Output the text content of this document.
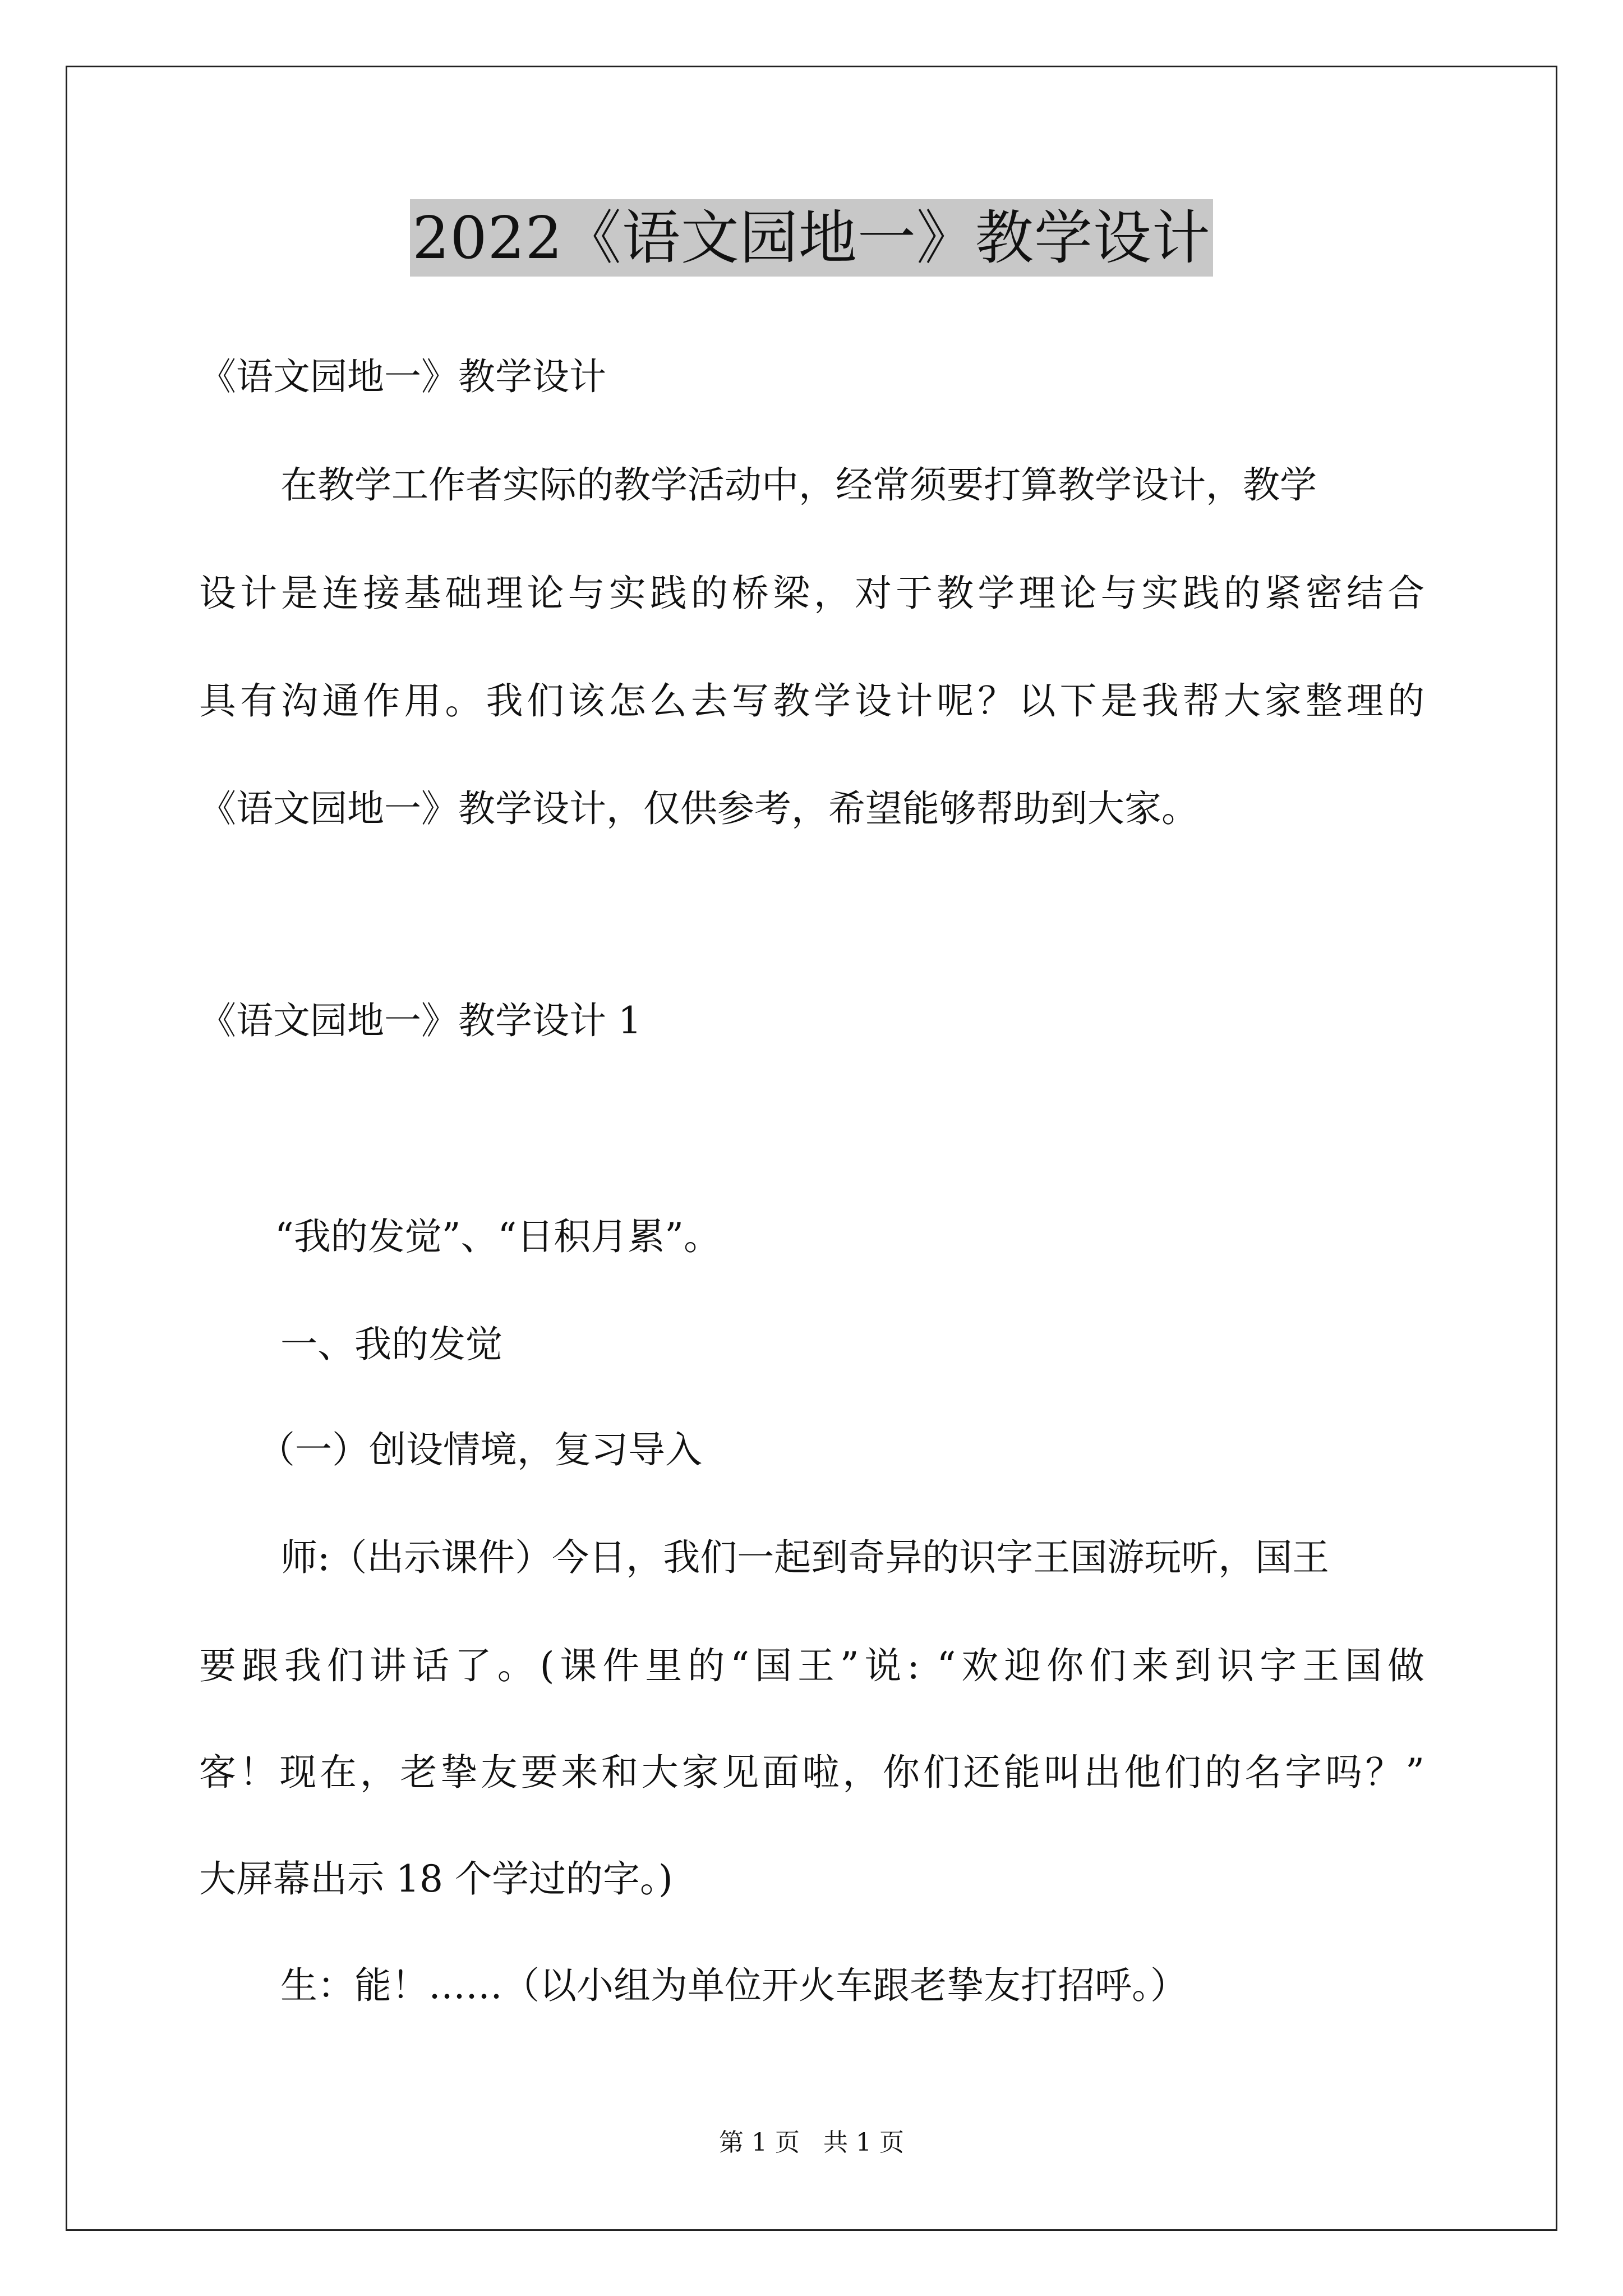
2022《语文园地一》教学设计
《语文园地一》教学设计
在教学工作者实际的教学活动中，经常须要打算教学设计，教学
设计是连接基础理论与实践的桥梁，对于教学理论与实践的紧密结合
具有沟通作用。我们该怎么去写教学设计呢？以下是我帮大家整理的
《语文园地一》教学设计，仅供参考，希望能够帮助到大家。
《语文园地一》教学设计 1
“我的发觉”、“日积月累”。
一、我的发觉
（一）创设情境，复习导入
师:（出示课件）今日，我们一起到奇异的识字王国游玩听，国王
要跟我们讲话了。(课件里的“国王”说: “欢迎你们来到识字王国做
客！现在，老挚友要来和大家见面啦，你们还能叫出他们的名字吗？”
大屏幕出示 18 个学过的字。)
生：能！……（以小组为单位开火车跟老挚友打招呼。）
第 1 页 共 1 页
